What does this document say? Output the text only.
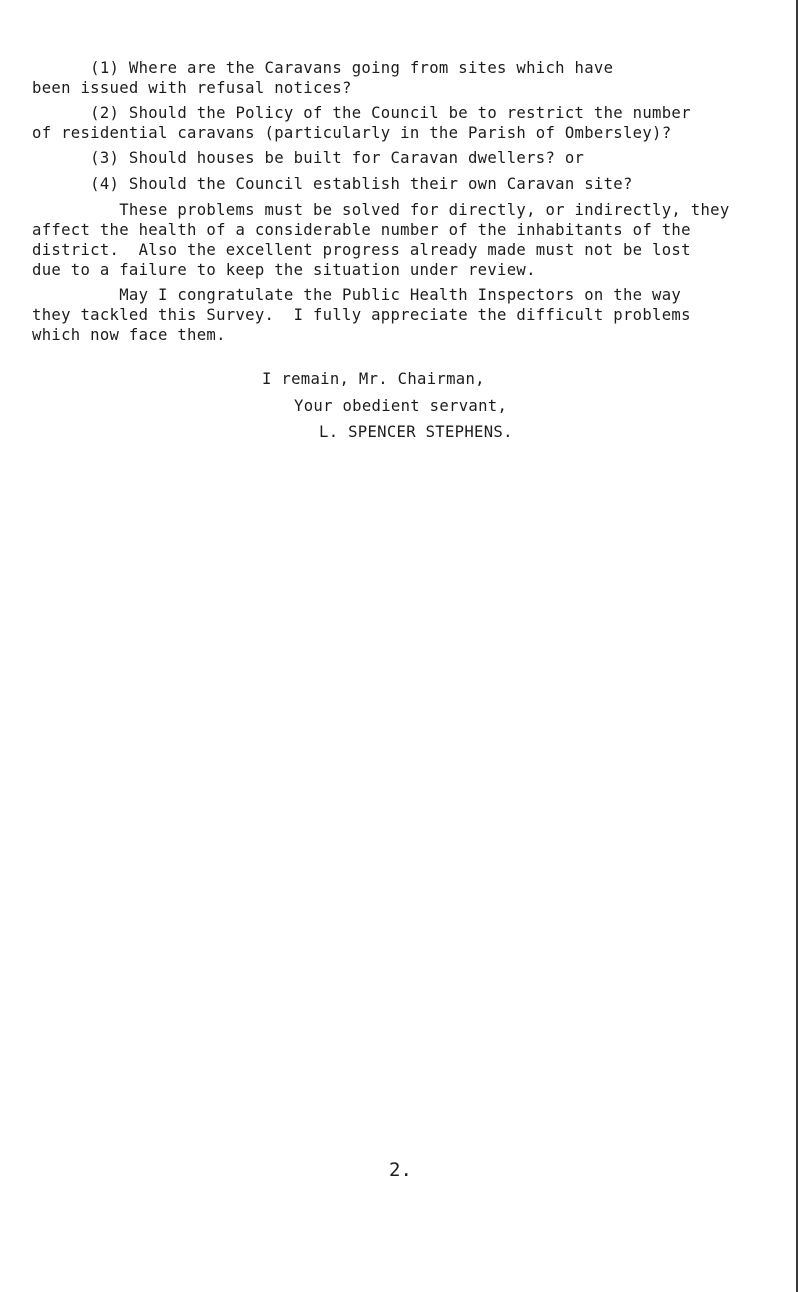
(1) Where are the Caravans going from sites which have
been issued with refusal notices?
(2) Should the Policy of the Council be to restrict the number
of residential caravans (particularly in the Parish of Ombersley)?
(3) Should houses be built for Caravan dwellers? or
(4) Should the Council establish their own Caravan site?
These problems must be solved for directly, or indirectly, they
affect the health of a considerable number of the inhabitants of the
district.  Also the excellent progress already made must not be lost
due to a failure to keep the situation under review.
May I congratulate the Public Health Inspectors on the way
they tackled this Survey.  I fully appreciate the difficult problems
which now face them.
I remain, Mr. Chairman,
Your obedient servant,
L. SPENCER STEPHENS.
2.
